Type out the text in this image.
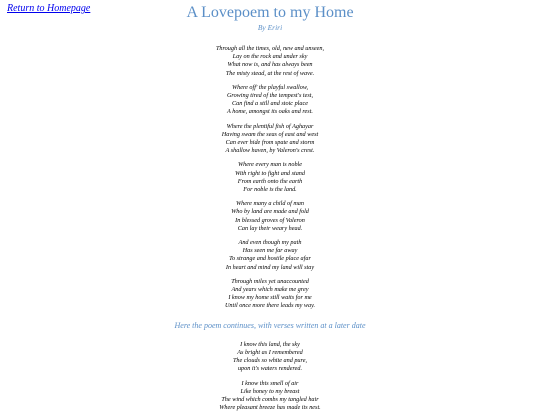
Return to Homepage	A Lovepoem to my Home
By Eriri
Through all the times, old, new and unseen,
Lay on the rock and under sky
What now is, and has always been
The misty stead, at the rest of wave.
Where off' the playful swallow,
Growing tired of the tempest's test,
Can find a still and stoic place
A home, amongst its oaks and rest.
Where the plentiful fish of Aghayar
Having swam the seas of east and west
Can ever hide from spate and storm
A shallow haven, by Valeron's crest.
Where every man is noble
With right to fight and stand
From earth onto the earth
For noble is the land.
Where many a child of man
Who by land are made and fold
In blessed groves of Valeron
Can lay their weary head.
And even though my path
Has seen me far away
To strange and hostile place afar
In heart and mind my land will stay
Through miles yet unaccounted
And years which make me grey
I know my home still waits for me
Until once more there leads my way.
Here the poem continues, with verses written at a later date
I know this land, the sky
As bright as I remembered
The clouds so white and pure,
upon it's waters rendered.
I know this smell of air
Like honey to my breast
The wind which combs my tangled hair
Where pleasant breeze has made its nest.
